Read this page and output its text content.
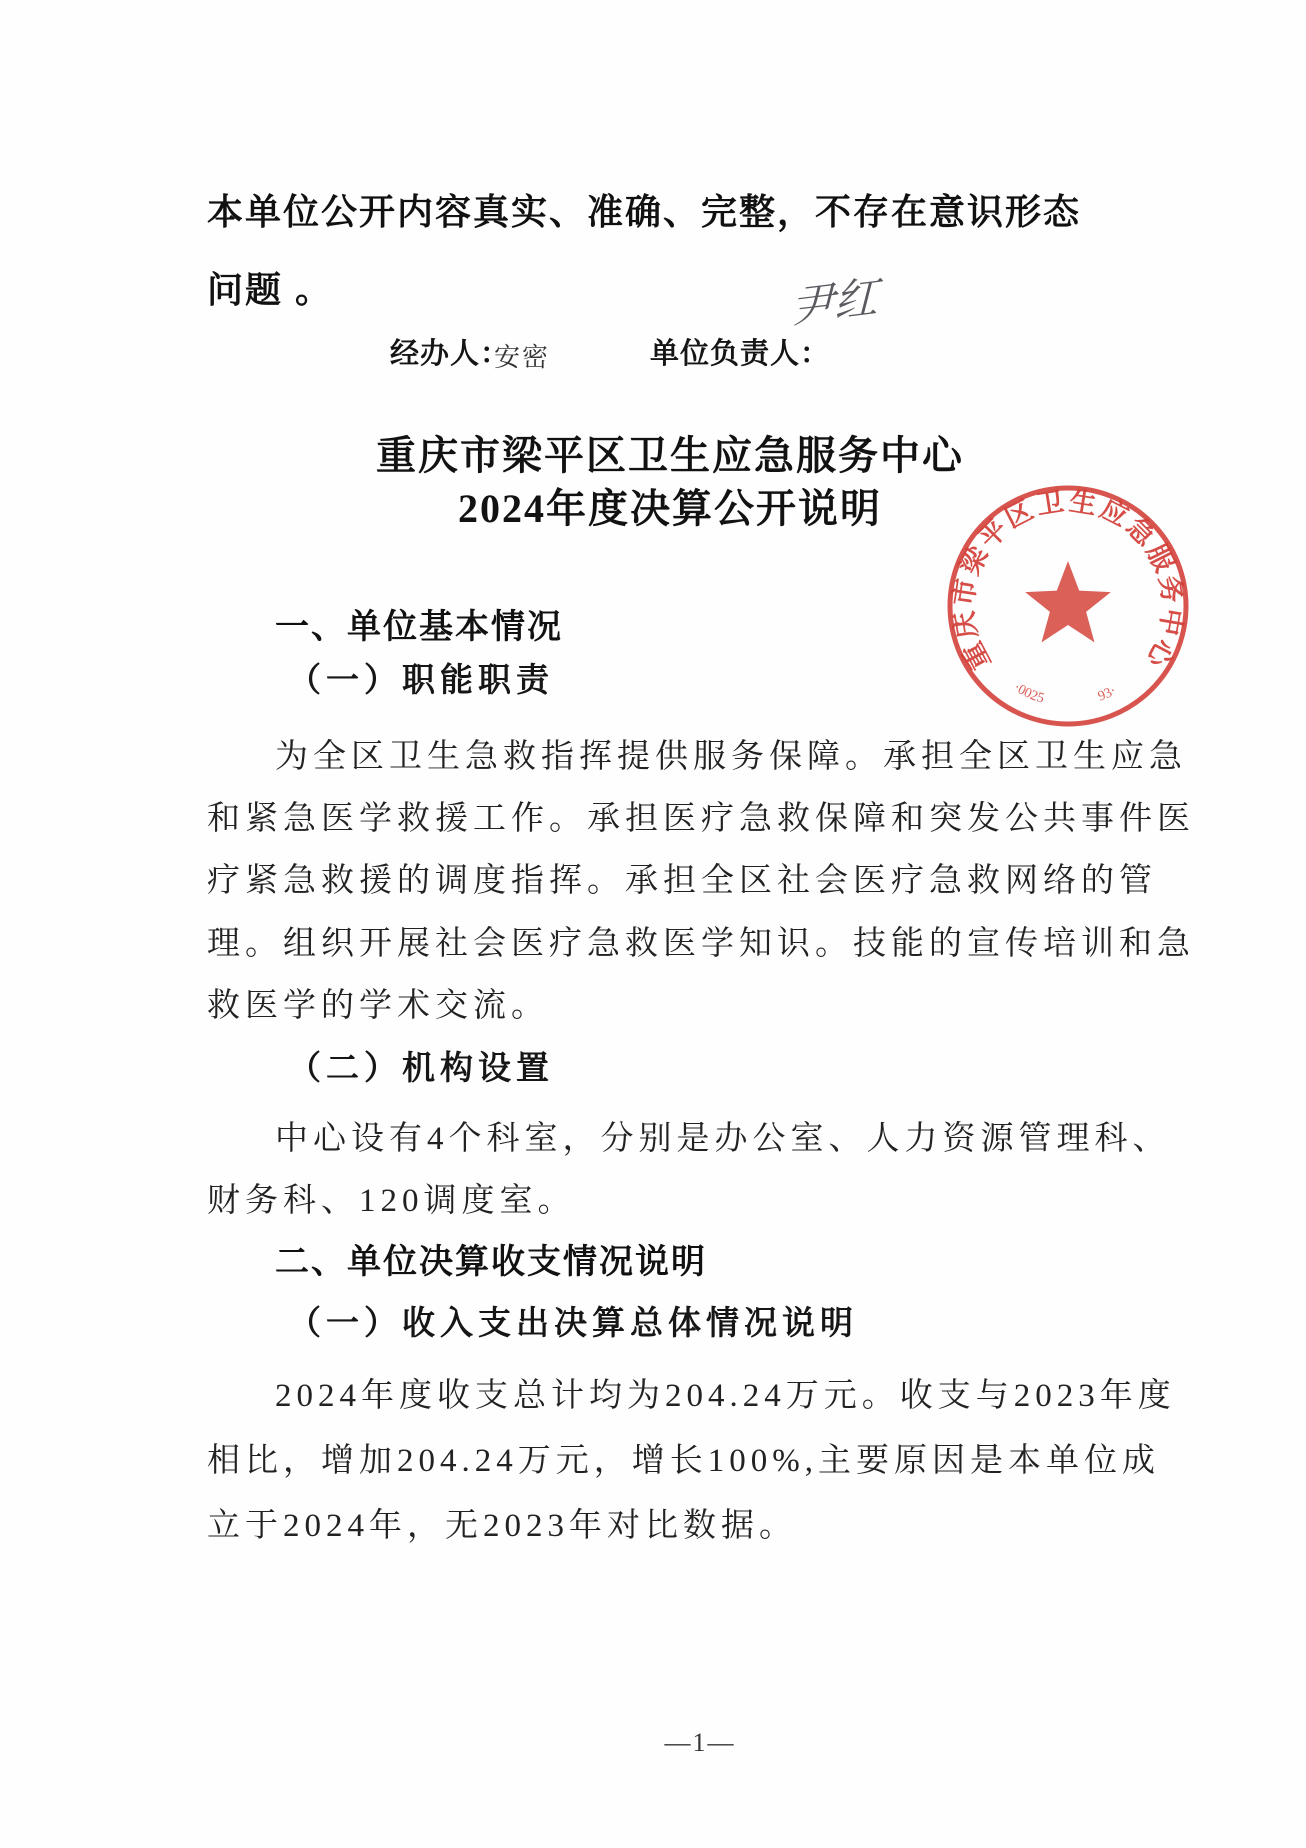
本单位公开内容真实、准确、完整，不存在意识形态
问题 。
经办人：
安密	单位负责人：
尹红
重庆市梁平区卫生应急服务中心
2024年度决算公开说明
重庆市梁平区卫生应急服务中心
·0025	93·
一、单位基本情况
（一）职能职责
为全区卫生急救指挥提供服务保障。承担全区卫生应急
和紧急医学救援工作。承担医疗急救保障和突发公共事件医
疗紧急救援的调度指挥。承担全区社会医疗急救网络的管
理。组织开展社会医疗急救医学知识。技能的宣传培训和急
救医学的学术交流。
（二）机构设置
中心设有4个科室，分别是办公室、人力资源管理科、
财务科、120调度室。
二、单位决算收支情况说明
（一）收入支出决算总体情况说明
2024年度收支总计均为204.24万元。收支与2023年度
相比，增加204.24万元，增长100%,主要原因是本单位成
立于2024年，无2023年对比数据。
—1—
